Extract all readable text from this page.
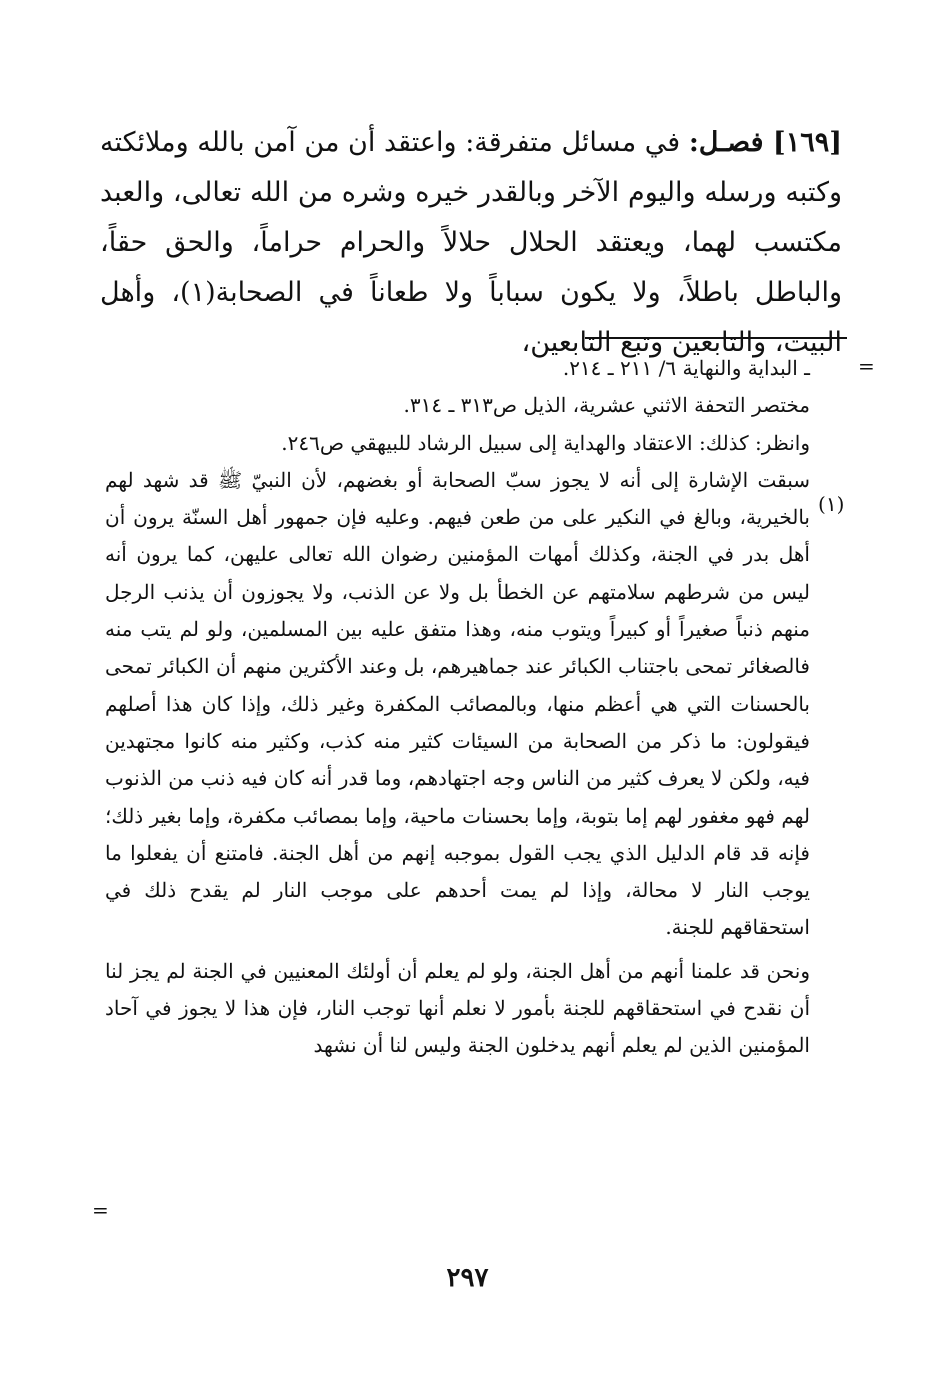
[١٦٩] فصـل: في مسائل متفرقة: واعتقد أن من آمن بالله وملائكته وكتبه ورسله واليوم الآخر وبالقدر خيره وشره من الله تعالى، والعبد مكتسب لهما، ويعتقد الحلال حلالاً والحرام حراماً، والحق حقاً، والباطل باطلاً، ولا يكون سباباً ولا طعاناً في الصحابة(١)، وأهل البيت، والتابعين وتبع التابعين،
=

ـ البداية والنهاية ٦/ ٢١١ ـ ٢١٤.

مختصر التحفة الاثني عشرية، الذيل ص٣١٣ ـ ٣١٤.

وانظر: كذلك: الاعتقاد والهداية إلى سبيل الرشاد للبيهقي ص٢٤٦.

سبقت الإشارة إلى أنه لا يجوز سبّ الصحابة أو بغضهم، لأن النبيّ ﷺ قد شهد لهم بالخيرية، وبالغ في النكير على من طعن فيهم. وعليه فإن جمهور أهل السنّة يرون أن أهل بدر في الجنة، وكذلك أمهات المؤمنين رضوان الله تعالى عليهن، كما يرون أنه ليس من شرطهم سلامتهم عن الخطأ بل ولا عن الذنب، ولا يجوزون أن يذنب الرجل منهم ذنباً صغيراً أو كبيراً ويتوب منه، وهذا متفق عليه بين المسلمين، ولو لم يتب منه فالصغائر تمحى باجتناب الكبائر عند جماهيرهم، بل وعند الأكثرين منهم أن الكبائر تمحى بالحسنات التي هي أعظم منها، وبالمصائب المكفرة وغير ذلك، وإذا كان هذا أصلهم فيقولون: ما ذكر من الصحابة من السيئات كثير منه كذب، وكثير منه كانوا مجتهدين فيه، ولكن لا يعرف كثير من الناس وجه اجتهادهم، وما قدر أنه كان فيه ذنب من الذنوب لهم فهو مغفور لهم إما بتوبة، وإما بحسنات ماحية، وإما بمصائب مكفرة، وإما بغير ذلك؛ فإنه قد قام الدليل الذي يجب القول بموجبه إنهم من أهل الجنة. فامتنع أن يفعلوا ما يوجب النار لا محالة، وإذا لم يمت أحدهم على موجب النار لم يقدح ذلك في استحقاقهم للجنة.

ونحن قد علمنا أنهم من أهل الجنة، ولو لم يعلم أن أولئك المعنيين في الجنة لم يجز لنا أن نقدح في استحقاقهم للجنة بأمور لا نعلم أنها توجب النار، فإن هذا لا يجوز في آحاد المؤمنين الذين لم يعلم أنهم يدخلون الجنة وليس لنا أن نشهد

(١)
=
٢٩٧
